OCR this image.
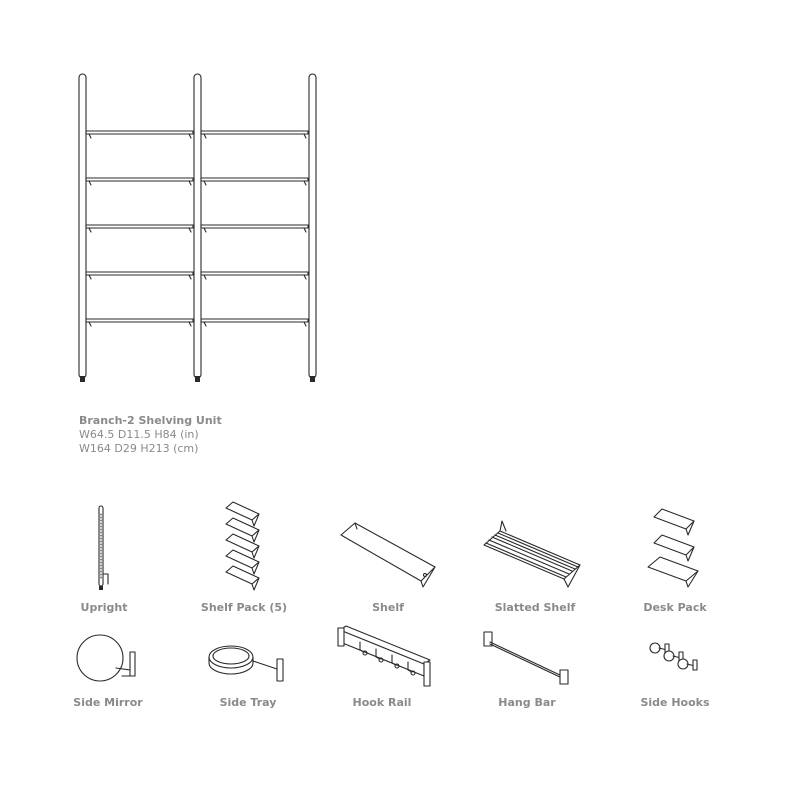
Branch-2 Shelving Unit
W64.5 D11.5 H84 (in)
W164 D29 H213 (cm)
Upright	Shelf Pack (5)	Shelf	Slatted Shelf	Desk Pack
Side Mirror	Side Tray	Hook Rail	Hang Bar	Side Hooks
